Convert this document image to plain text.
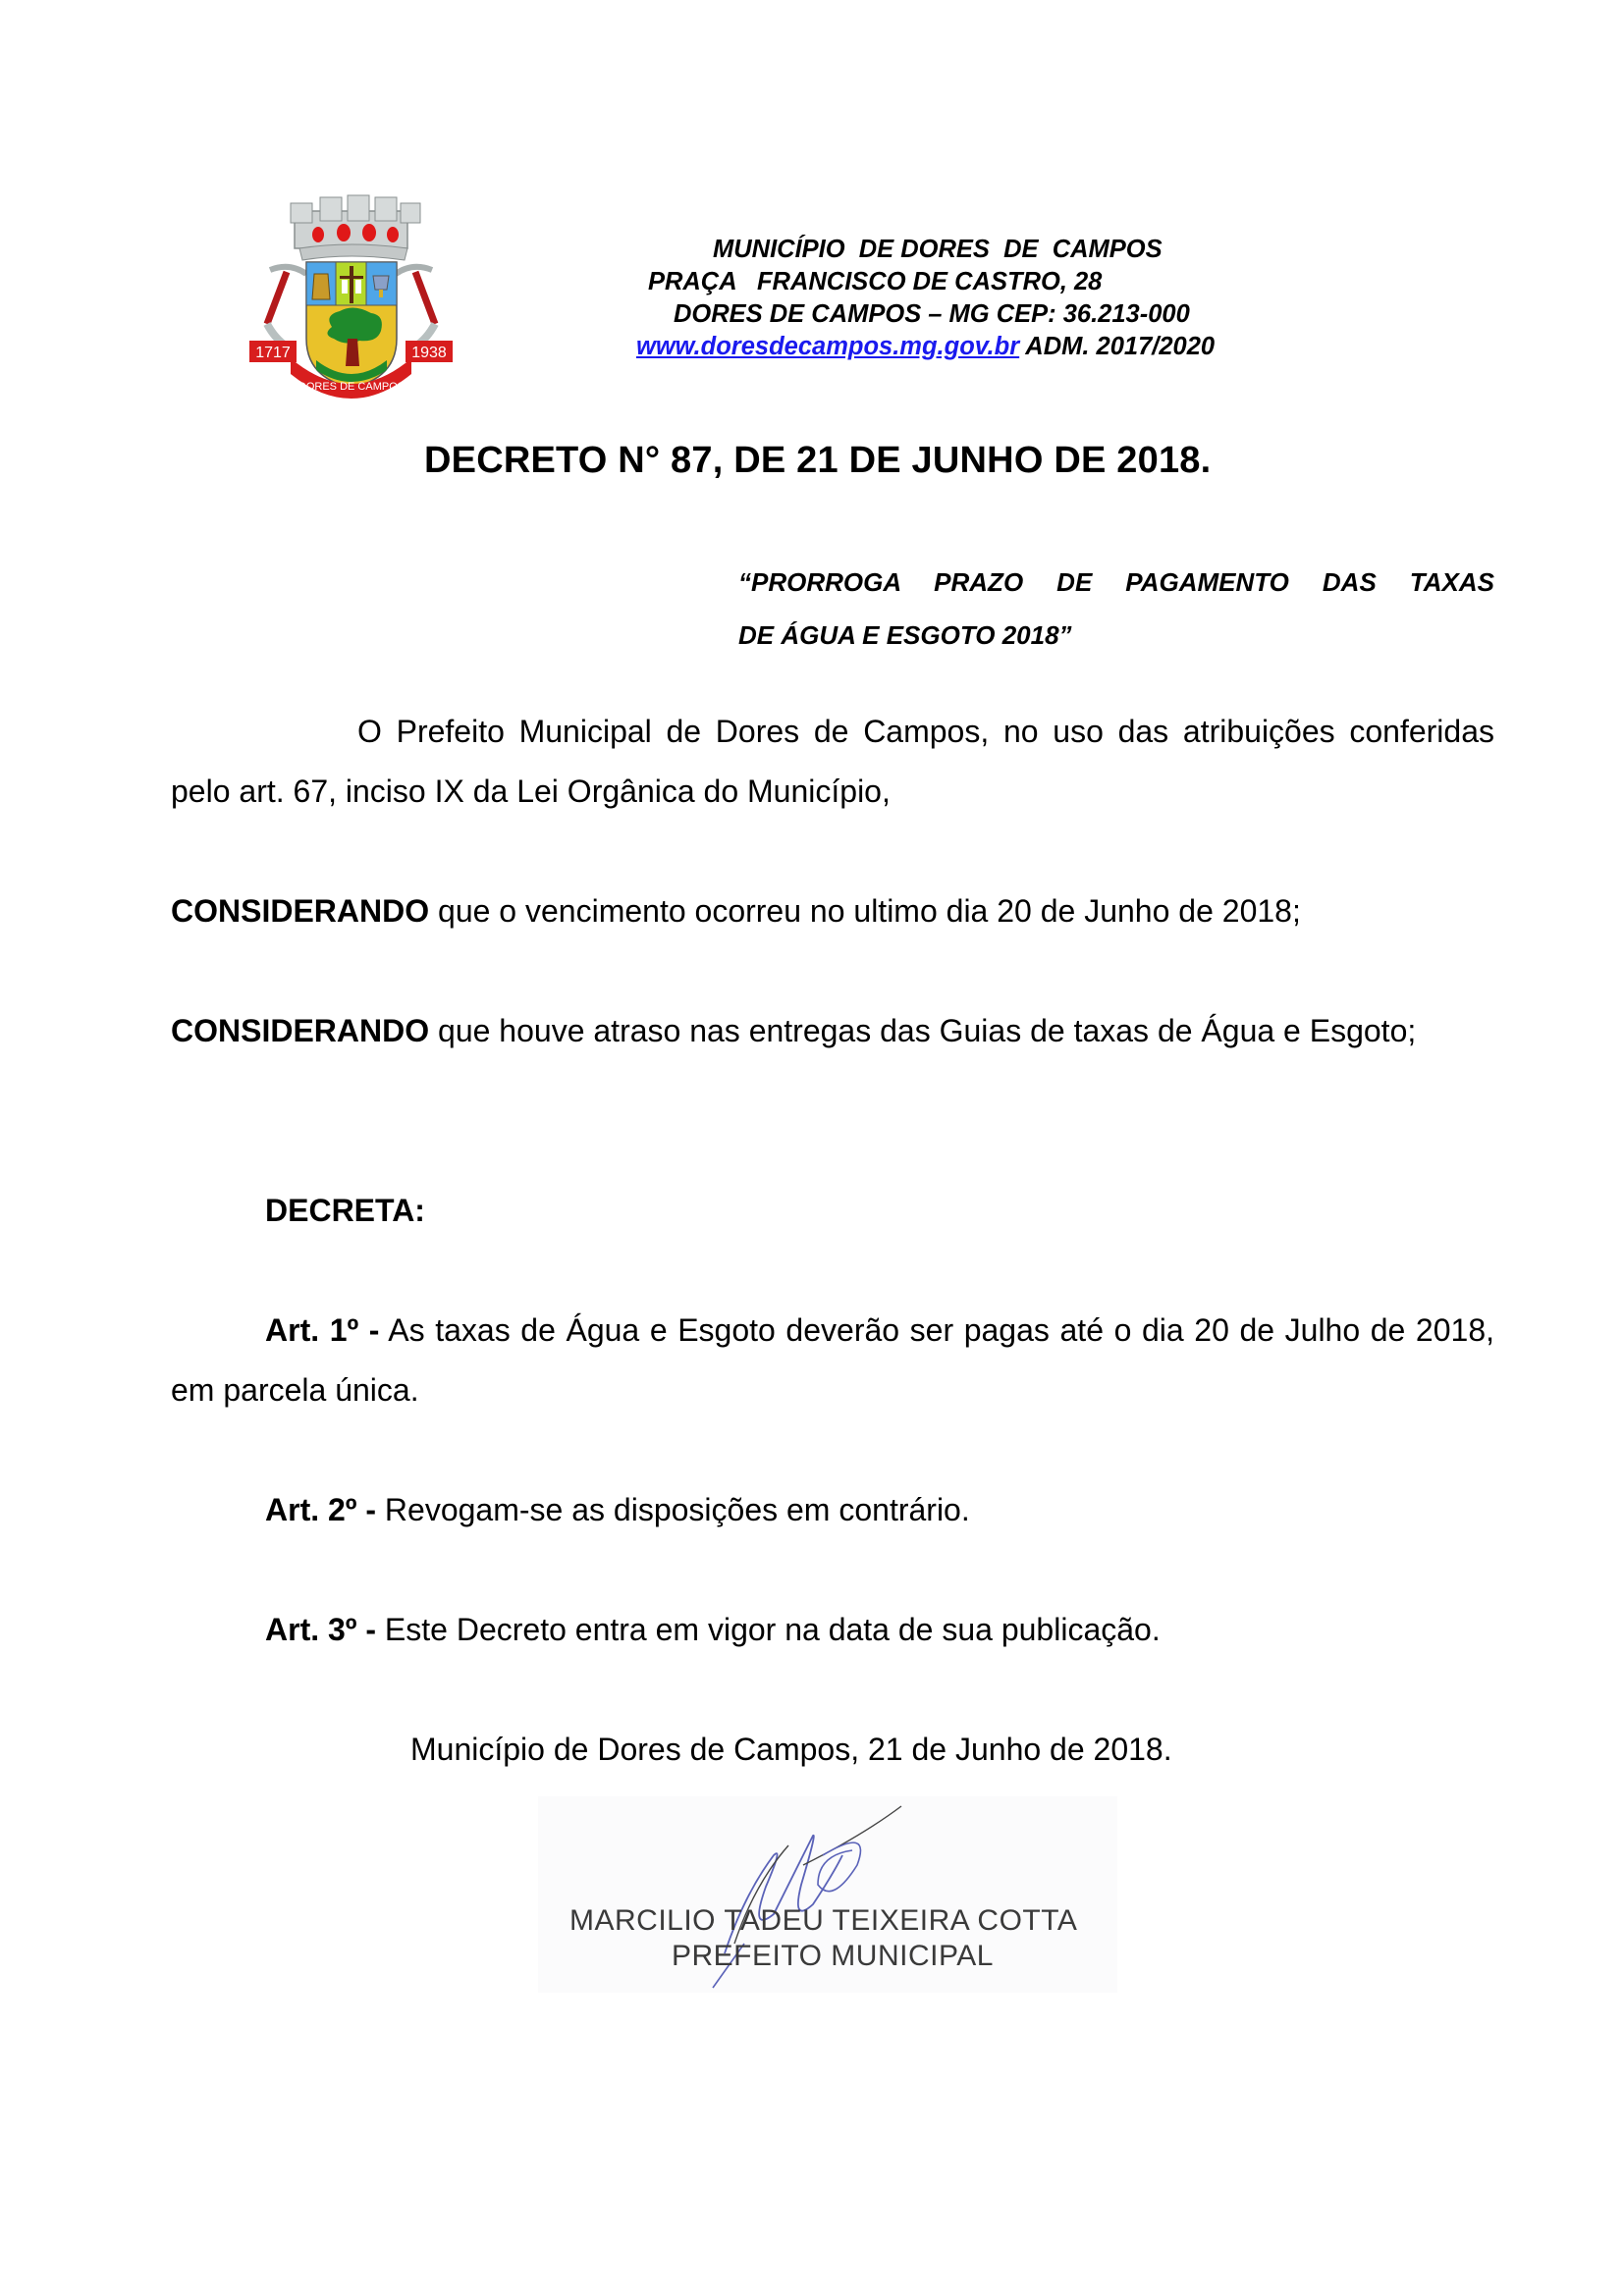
1717	1938
DORES DE CAMPOS
MUNICÍPIO  DE DORES  DE  CAMPOS
PRAÇA   FRANCISCO DE CASTRO, 28
DORES DE CAMPOS – MG CEP: 36.213-000
www.doresdecampos.mg.gov.br ADM. 2017/2020
DECRETO N° 87, DE 21 DE JUNHO DE 2018.
“PRORROGA PRAZO DE PAGAMENTO DAS TAXAS
DE ÁGUA E ESGOTO 2018”
O Prefeito Municipal de Dores de Campos, no uso das atribuições conferidas pelo art. 67, inciso IX da Lei Orgânica do Município,
CONSIDERANDO que o vencimento ocorreu no ultimo dia 20 de Junho de 2018;
CONSIDERANDO que houve atraso nas entregas das Guias de taxas de Água e Esgoto;
DECRETA:
Art. 1º - As taxas de Água e Esgoto deverão ser pagas até o dia 20 de Julho de 2018, em parcela única.
Art. 2º - Revogam-se as disposições em contrário.
Art. 3º - Este Decreto entra em vigor na data de sua publicação.
Município de Dores de Campos, 21 de Junho de 2018.
MARCILIO TADEU TEIXEIRA COTTA
PREFEITO MUNICIPAL
